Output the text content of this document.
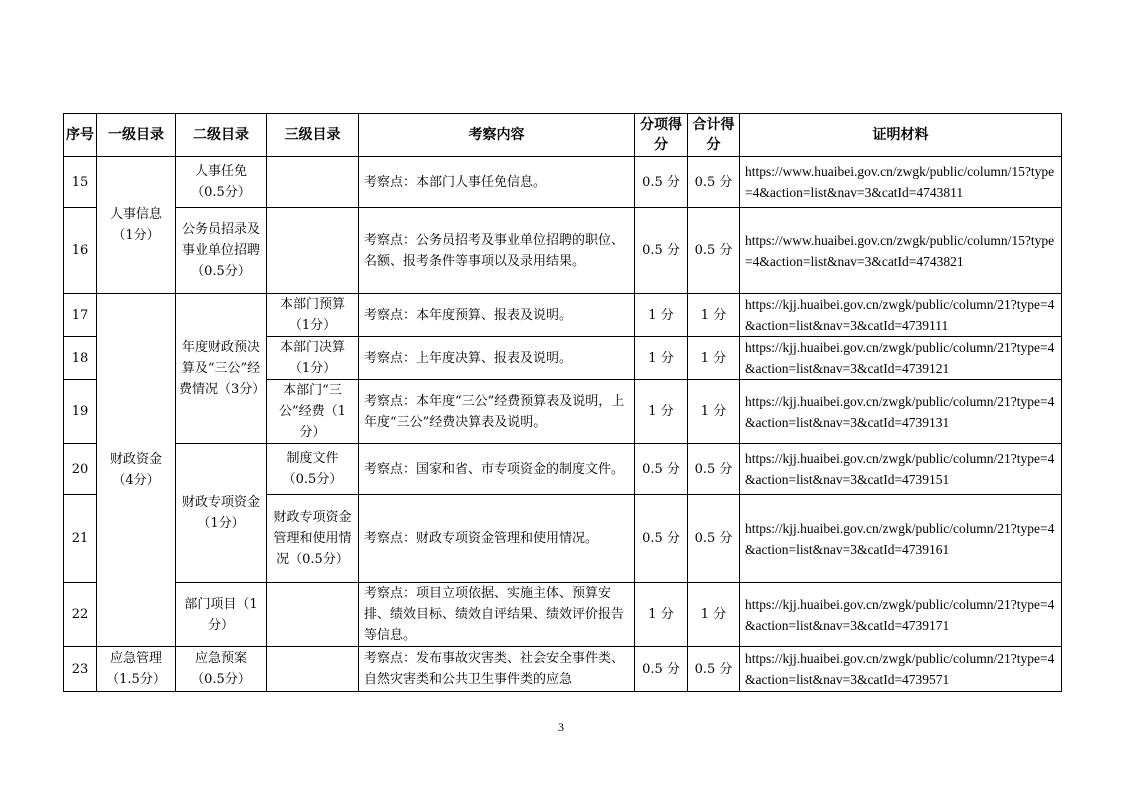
序号	一级目录	二级目录	三级目录	考察内容	分项得分	合计得分	证明材料
15	人事信息（1分）	人事任免（0.5分）		考察点：本部门人事任免信息。	0.5 分	0.5 分	https://www.huaibei.gov.cn/zwgk/public/column/15?type=4&action=list&nav=3&catId=4743811
16		公务员招录及事业单位招聘（0.5分）		考察点：公务员招考及事业单位招聘的职位、名额、报考条件等事项以及录用结果。	0.5 分	0.5 分	https://www.huaibei.gov.cn/zwgk/public/column/15?type=4&action=list&nav=3&catId=4743821
17	财政资金（4分）	年度财政预决算及“三公”经费情况（3分）	本部门预算（1分）	考察点：本年度预算、报表及说明。	1 分	1 分	https://kjj.huaibei.gov.cn/zwgk/public/column/21?type=4&action=list&nav=3&catId=4739111
18			本部门决算（1分）	考察点：上年度决算、报表及说明。	1 分	1 分	https://kjj.huaibei.gov.cn/zwgk/public/column/21?type=4&action=list&nav=3&catId=4739121
19			本部门“三公”经费（1分）	考察点：本年度“三公”经费预算表及说明，上年度“三公”经费决算表及说明。	1 分	1 分	https://kjj.huaibei.gov.cn/zwgk/public/column/21?type=4&action=list&nav=3&catId=4739131
20		财政专项资金（1分）	制度文件（0.5分）	考察点：国家和省、市专项资金的制度文件。	0.5 分	0.5 分	https://kjj.huaibei.gov.cn/zwgk/public/column/21?type=4&action=list&nav=3&catId=4739151
21			财政专项资金管理和使用情况（0.5分）	考察点：财政专项资金管理和使用情况。	0.5 分	0.5 分	https://kjj.huaibei.gov.cn/zwgk/public/column/21?type=4&action=list&nav=3&catId=4739161
22		部门项目（1分）		考察点：项目立项依据、实施主体、预算安排、绩效目标、绩效自评结果、绩效评价报告等信息。	1 分	1 分	https://kjj.huaibei.gov.cn/zwgk/public/column/21?type=4&action=list&nav=3&catId=4739171
23	应急管理（1.5分）	应急预案（0.5分）		考察点：发布事故灾害类、社会安全事件类、自然灾害类和公共卫生事件类的应急	0.5 分	0.5 分	https://kjj.huaibei.gov.cn/zwgk/public/column/21?type=4&action=list&nav=3&catId=4739571
3
